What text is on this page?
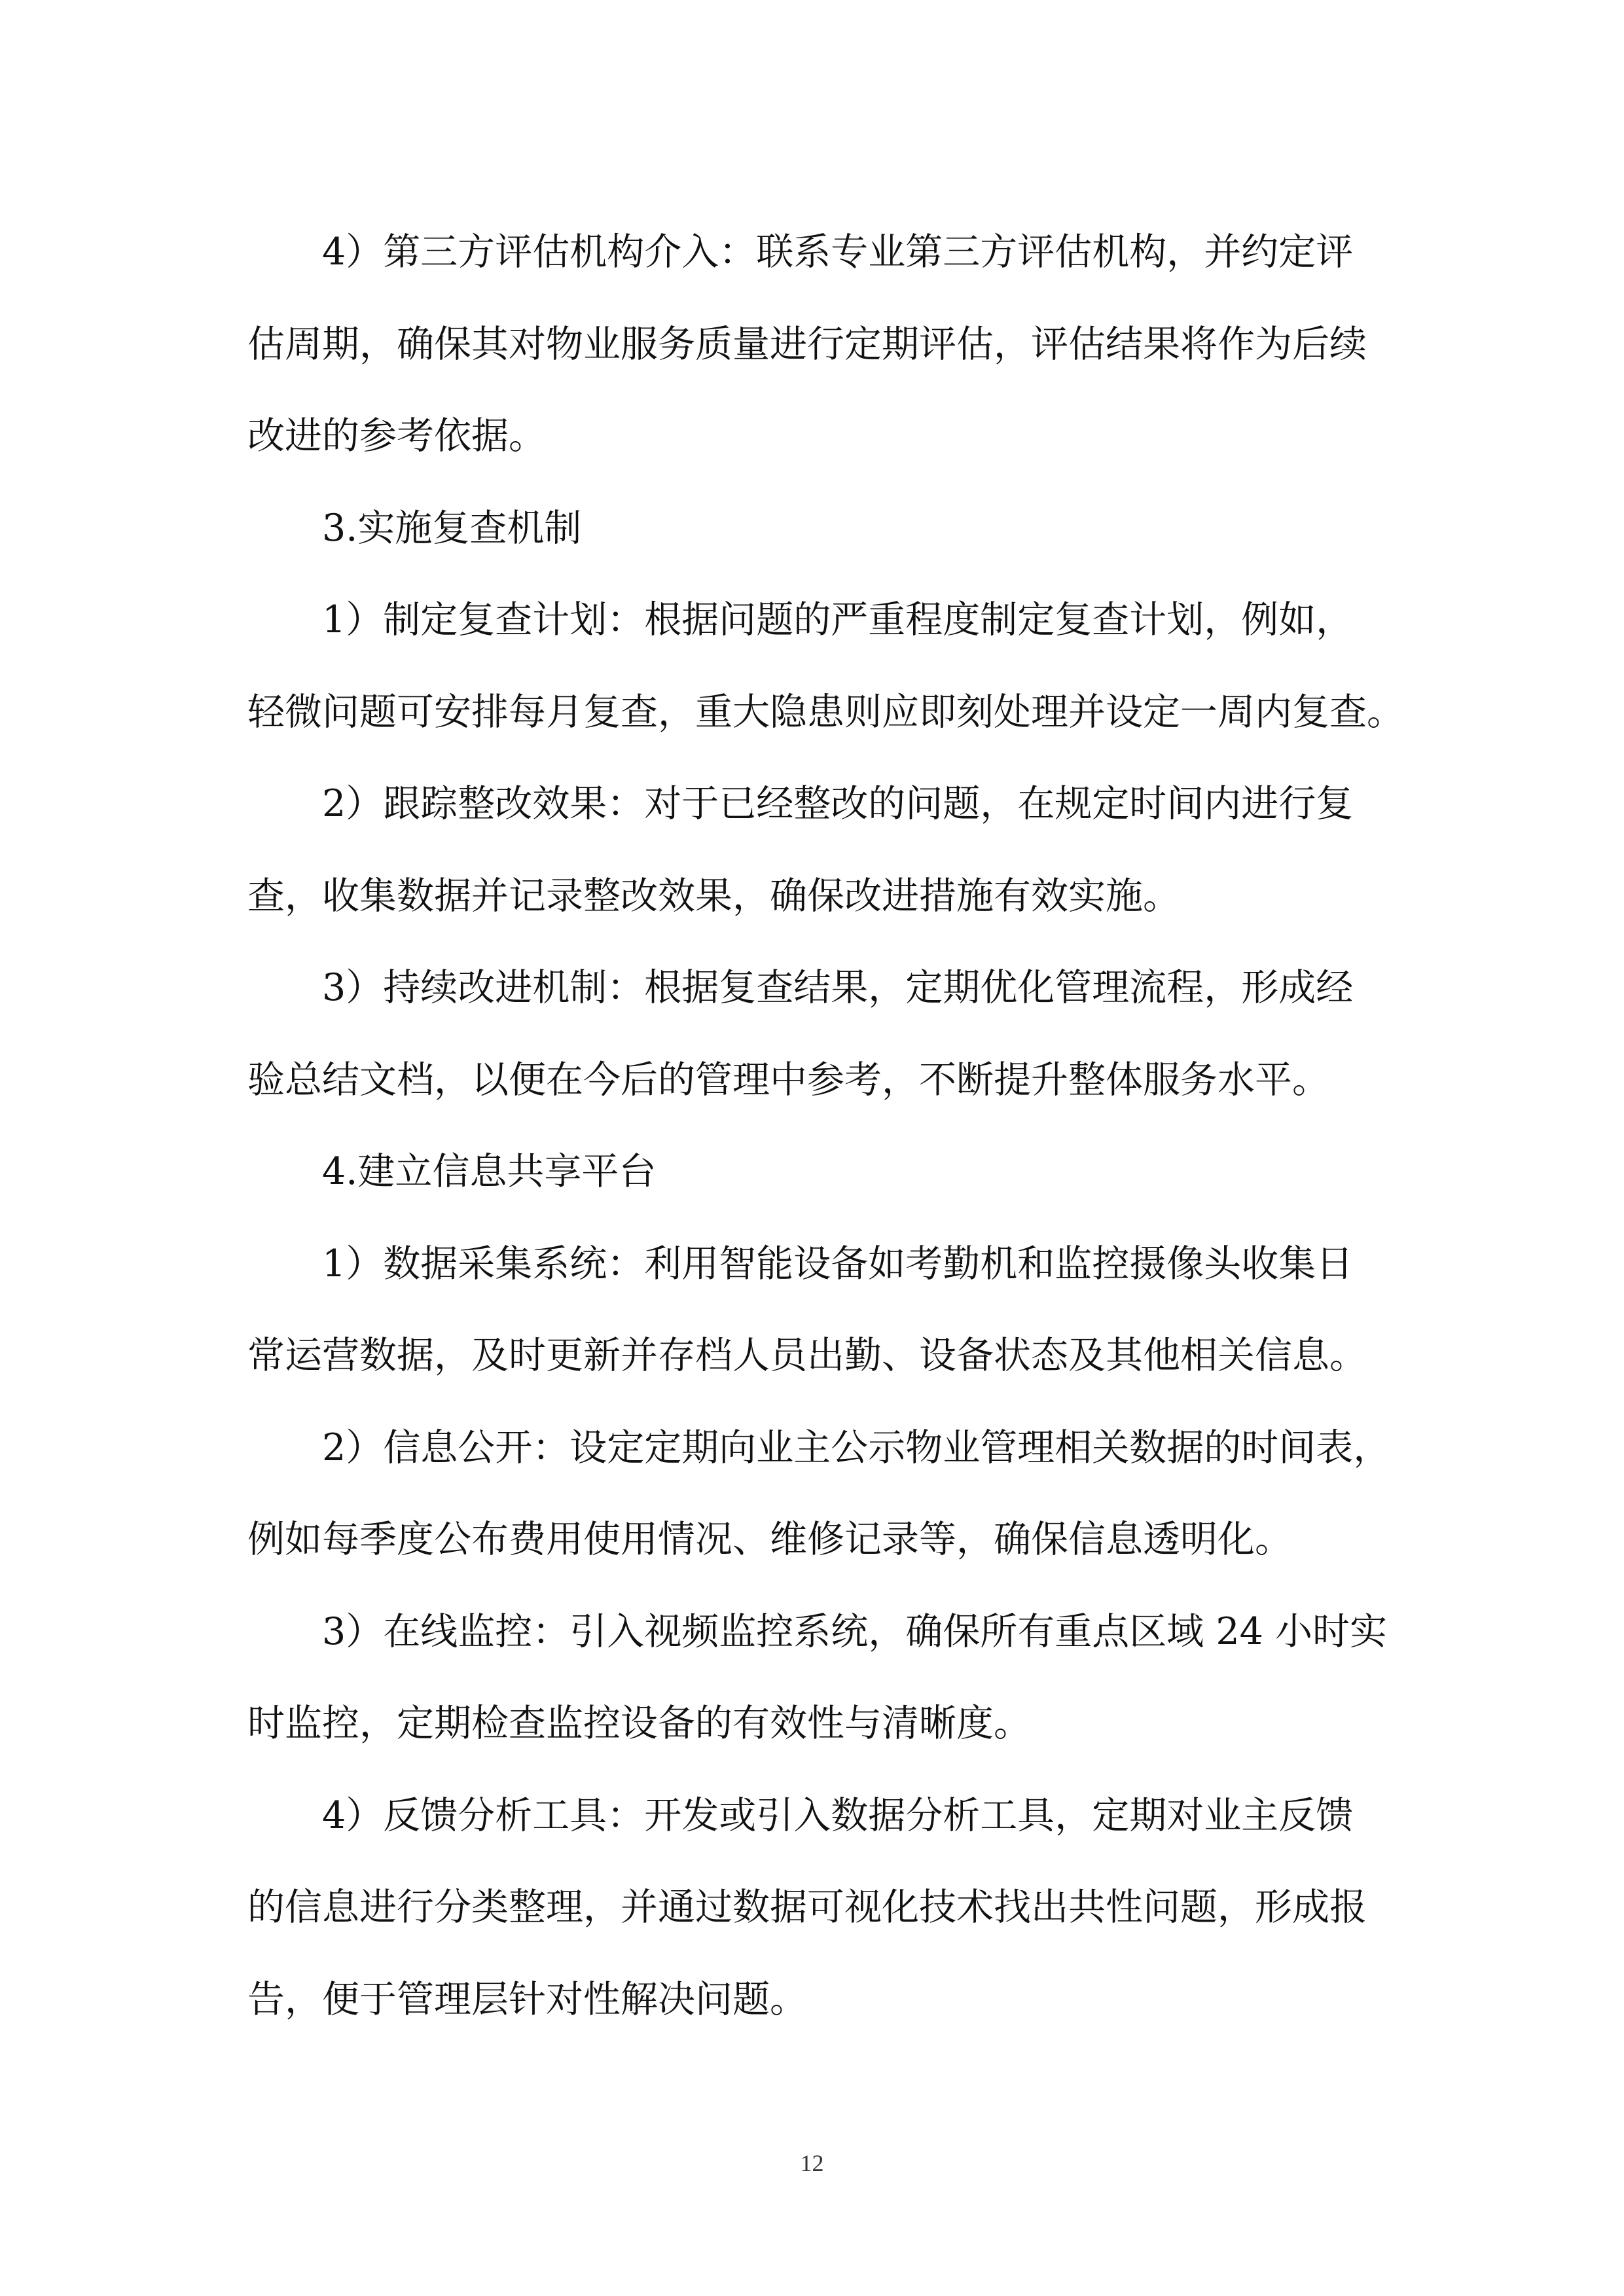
4）第三方评估机构介入：联系专业第三方评估机构，并约定评
估周期，确保其对物业服务质量进行定期评估，评估结果将作为后续
改进的参考依据。
3.实施复查机制
1）制定复查计划：根据问题的严重程度制定复查计划，例如，
轻微问题可安排每月复查，重大隐患则应即刻处理并设定一周内复查。
2）跟踪整改效果：对于已经整改的问题，在规定时间内进行复
查，收集数据并记录整改效果，确保改进措施有效实施。
3）持续改进机制：根据复查结果，定期优化管理流程，形成经
验总结文档，以便在今后的管理中参考，不断提升整体服务水平。
4.建立信息共享平台
1）数据采集系统：利用智能设备如考勤机和监控摄像头收集日
常运营数据，及时更新并存档人员出勤、设备状态及其他相关信息。
2）信息公开：设定定期向业主公示物业管理相关数据的时间表，
例如每季度公布费用使用情况、维修记录等，确保信息透明化。
3）在线监控：引入视频监控系统，确保所有重点区域 24 小时实
时监控，定期检查监控设备的有效性与清晰度。
4）反馈分析工具：开发或引入数据分析工具，定期对业主反馈
的信息进行分类整理，并通过数据可视化技术找出共性问题，形成报
告，便于管理层针对性解决问题。
12
